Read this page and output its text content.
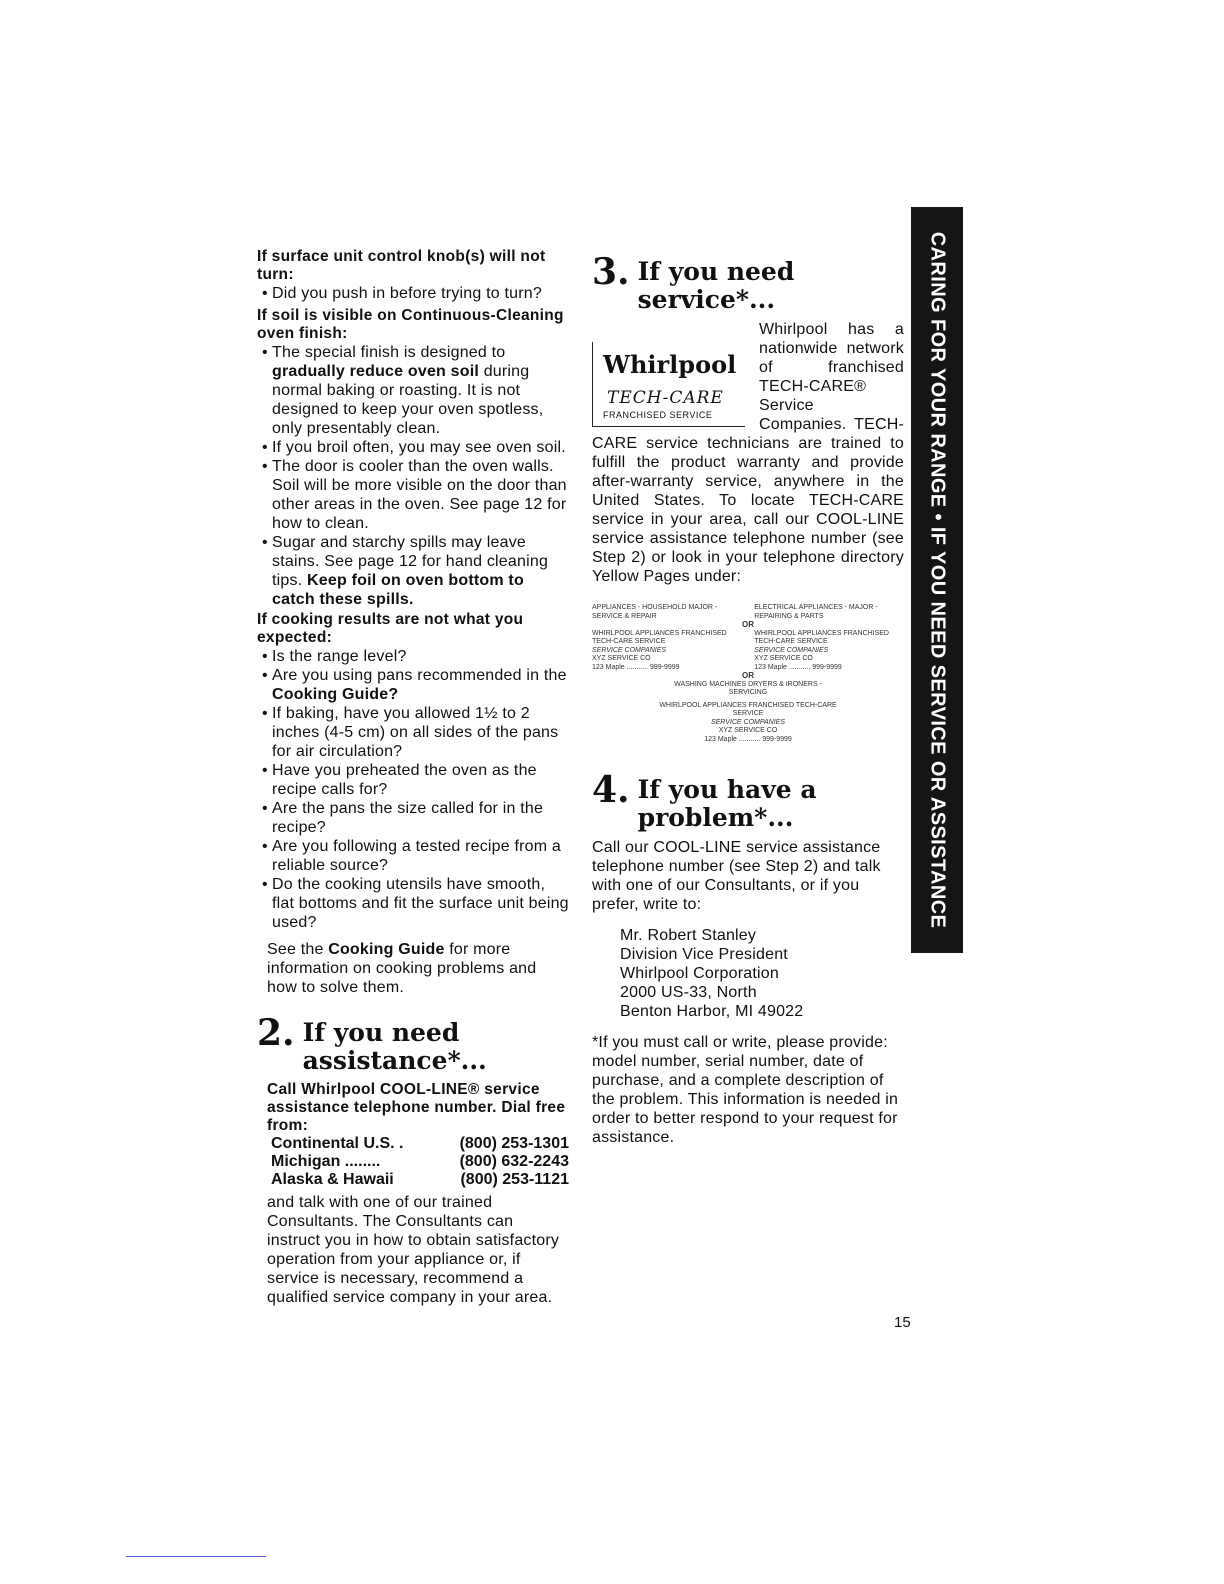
If surface unit control knob(s) will not turn:

• Did you push in before trying to turn?

If soil is visible on Continuous-Cleaning oven finish:

• The special finish is designed to gradually reduce oven soil during normal baking or roasting. It is not designed to keep your oven spotless, only presentably clean.
• If you broil often, you may see oven soil.
• The door is cooler than the oven walls. Soil will be more visible on the door than other areas in the oven. See page 12 for how to clean.
• Sugar and starchy spills may leave stains. See page 12 for hand cleaning tips. Keep foil on oven bottom to catch these spills.

If cooking results are not what you expected:

• Is the range level?
• Are you using pans recommended in the Cooking Guide?
• If baking, have you allowed 1½ to 2 inches (4-5 cm) on all sides of the pans for air circulation?
• Have you preheated the oven as the recipe calls for?
• Are the pans the size called for in the recipe?
• Are you following a tested recipe from a reliable source?
• Do the cooking utensils have smooth, flat bottoms and fit the surface unit being used?

See the Cooking Guide for more information on cooking problems and how to solve them.

2. If you need assistance*...

Call Whirlpool COOL-LINE® service assistance telephone number. Dial free from:

Continental U.S. .	(800) 253-1301
Michigan ........	(800) 632-2243
Alaska & Hawaii	(800) 253-1121

and talk with one of our trained Consultants. The Consultants can instruct you in how to obtain satisfactory operation from your appliance or, if service is necessary, recommend a qualified service company in your area.

3. If you need service*...
Whirlpool
TECH-CARE
FRANCHISED SERVICE

Whirlpool has a nationwide network of franchised TECH-CARE® Service Companies. TECH-CARE service technicians are trained to fulfill the product warranty and provide after-warranty service, anywhere in the United States. To locate TECH-CARE service in your area, call our COOL-LINE service assistance telephone number (see Step 2) or look in your telephone directory Yellow Pages under:

APPLIANCES - HOUSEHOLD MAJOR - SERVICE & REPAIR
ELECTRICAL APPLIANCES - MAJOR - REPAIRING & PARTS
OR
WHIRLPOOL APPLIANCES FRANCHISED TECH-CARE SERVICE
WHIRLPOOL APPLIANCES FRANCHISED TECH-CARE SERVICE
SERVICE COMPANIES	SERVICE COMPANIES
XYZ SERVICE CO	XYZ SERVICE CO
123 Maple ........... 999-9999	123 Maple ........... 999-9999
OR
WASHING MACHINES DRYERS & IRONERS - SERVICING
WHIRLPOOL APPLIANCES FRANCHISED TECH-CARE SERVICE
SERVICE COMPANIES
XYZ SERVICE CO
123 Maple ........... 999-9999
4. If you have a problem*...

Call our COOL-LINE service assistance telephone number (see Step 2) and talk with one of our Consultants, or if you prefer, write to:

Mr. Robert Stanley
Division Vice President
Whirlpool Corporation
2000 US-33, North
Benton Harbor, MI 49022

*If you must call or write, please provide: model number, serial number, date of purchase, and a complete description of the problem. This information is needed in order to better respond to your request for assistance.

CARING FOR YOUR RANGE • IF YOU NEED SERVICE OR ASSISTANCE
15
